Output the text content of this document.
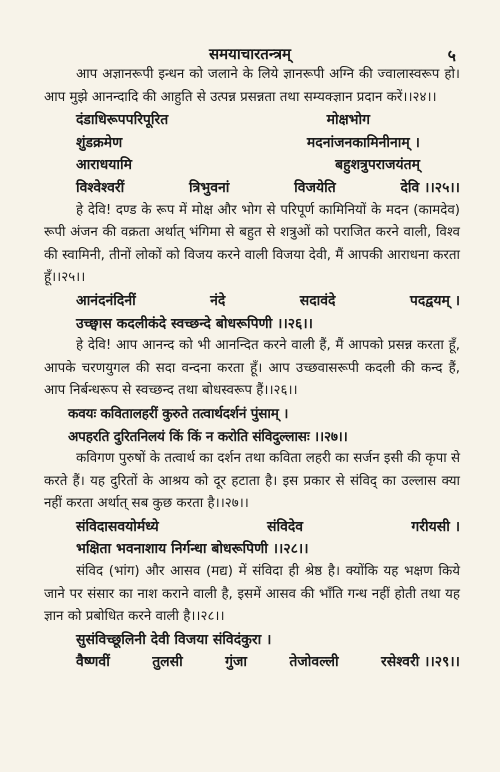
समयाचारतन्त्रम्	५

आप अज्ञानरूपी इन्धन को जलाने के लिये ज्ञानरूपी अग्नि की ज्वालास्वरूप हो। आप मुझे आनन्दादि की आहुति से उत्पन्न प्रसन्नता तथा सम्यक्ज्ञान प्रदान करें।।२४।।

दंडाधिरूपपरिपूरित	मोक्षभोग
शुंडक्रमेण	मदनांजनकामिनीनाम् ।
आराधयामि	बहुशत्रुपराजयंतम्
विश्वेश्वरीं	त्रिभुवनां	विजयेति	देवि ।।२५।।

हे देवि! दण्ड के रूप में मोक्ष और भोग से परिपूर्ण कामिनियों के मदन (कामदेव) रूपी अंजन की वक्रता अर्थात् भंगिमा से बहुत से शत्रुओं को पराजित करने वाली, विश्व की स्वामिनी, तीनों लोकों को विजय करने वाली विजया देवी, मैं आपकी आराधना करता हूँ।।२५।।

आनंदनंदिनीं	नंदे	सदावंदे	पदद्वयम् ।
उच्छ्वास कदलीकंदे स्वच्छन्दे बोधरूपिणी ।।२६।।

हे देवि! आप आनन्द को भी आनन्दित करने वाली हैं, मैं आपको प्रसन्न करता हूँ, आपके चरणयुगल की सदा वन्दना करता हूँ। आप उच्छवासरूपी कदली की कन्द हैं, आप निर्बन्धरूप से स्वच्छन्द तथा बोधस्वरूप हैं।।२६।।

कवयः कवितालहरीं कुरुते तत्वार्थदर्शनं पुंसाम् ।
अपहरति दुरितनिलयं किं किं न करोति संविदुल्लासः ।।२७।।

कविगण पुरुषों के तत्वार्थ का दर्शन तथा कविता लहरी का सर्जन इसी की कृपा से करते हैं। यह दुरितों के आश्रय को दूर हटाता है। इस प्रकार से संविद् का उल्लास क्या नहीं करता अर्थात् सब कुछ करता है।।२७।।

संविदासवयोर्मध्ये	संविदेव	गरीयसी ।
भक्षिता भवनाशाय निर्गन्धा बोधरूपिणी ।।२८।।

संविद (भांग) और आसव (मद्य) में संविदा ही श्रेष्ठ है। क्योंकि यह भक्षण किये जाने पर संसार का नाश कराने वाली है, इसमें आसव की भाँति गन्ध नहीं होती तथा यह ज्ञान को प्रबोधित करने वाली है।।२८।।

सुसंविच्छूलिनी देवी विजया संविदंकुरा ।
वैष्णवीं	तुलसी	गुंजा	तेजोवल्ली	रसेश्वरी ।।२९।।
